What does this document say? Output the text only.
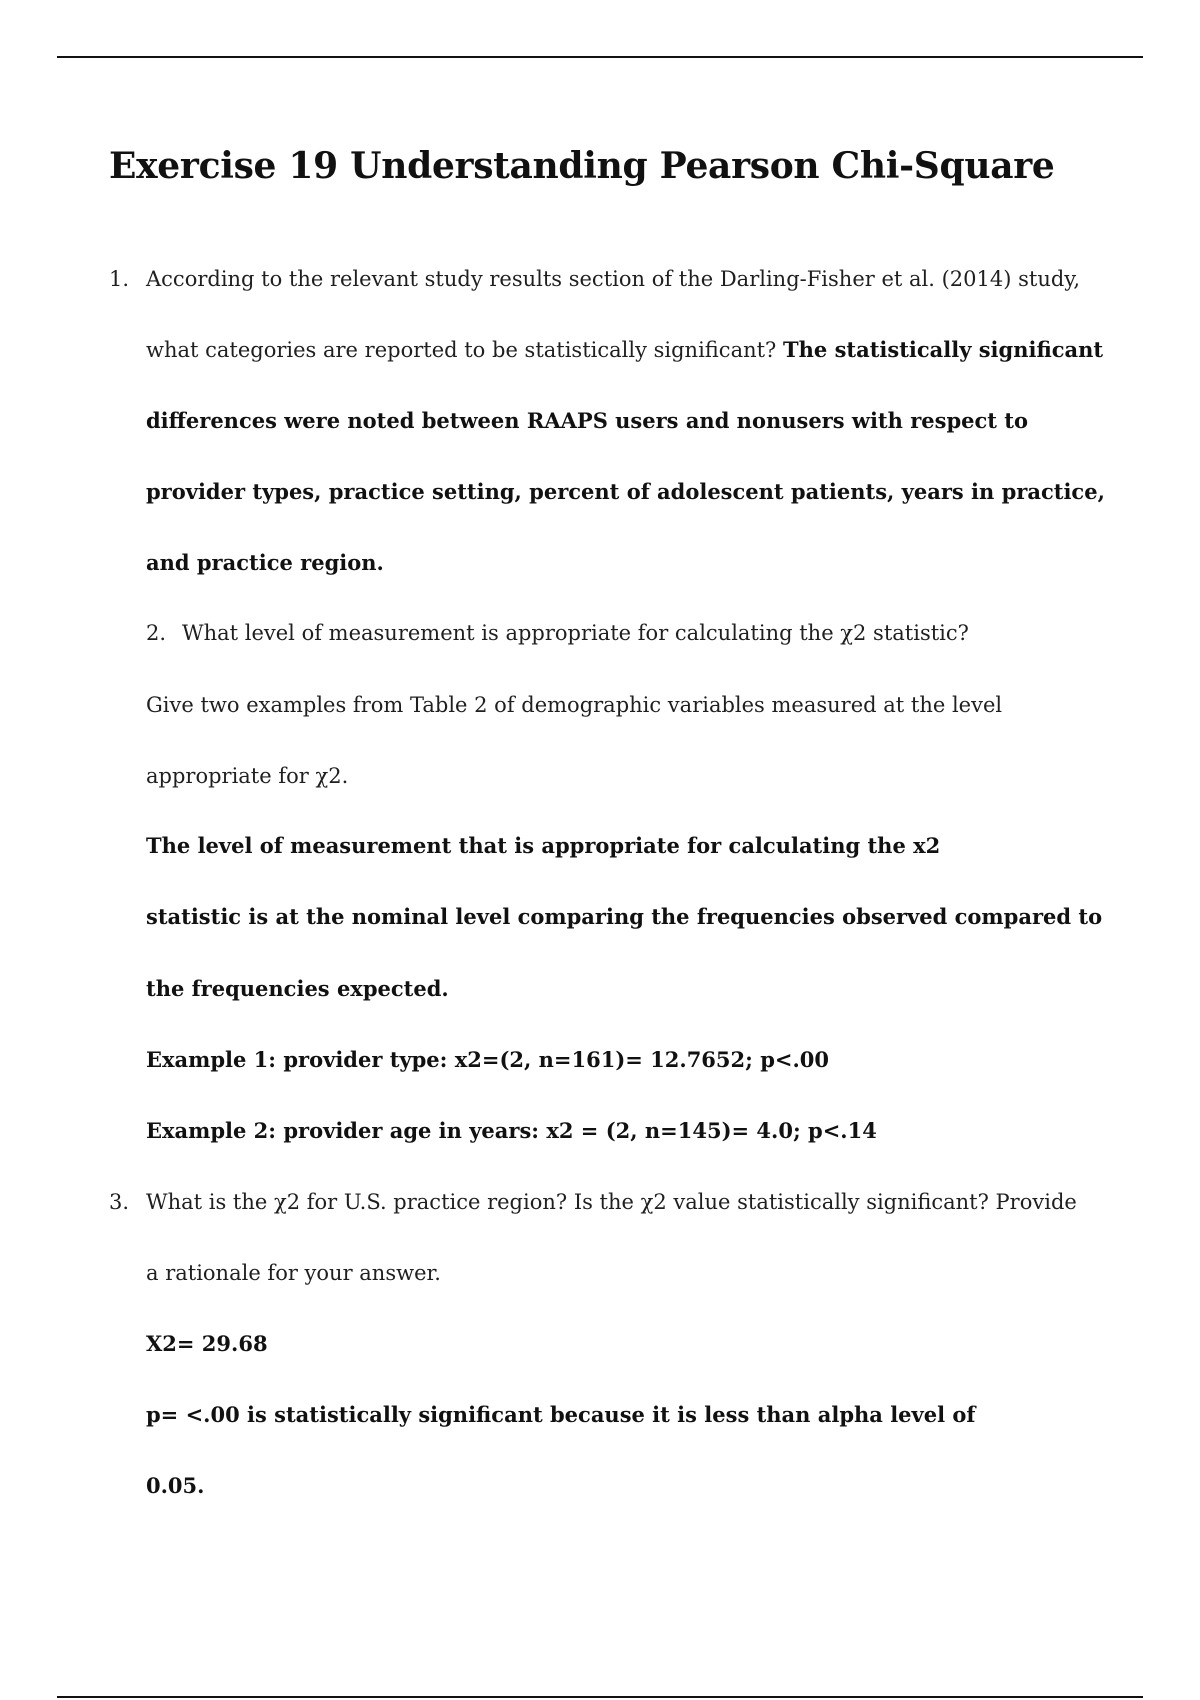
Exercise 19 Understanding Pearson Chi-Square
1. According to the relevant study results section of the Darling-Fisher et al. (2014) study,

what categories are reported to be statistically significant? The statistically significant

differences were noted between RAAPS users and nonusers with respect to

provider types, practice setting, percent of adolescent patients, years in practice,

and practice region.

2. What level of measurement is appropriate for calculating the χ2 statistic?

Give two examples from Table 2 of demographic variables measured at the level

appropriate for χ2.

The level of measurement that is appropriate for calculating the x2

statistic is at the nominal level comparing the frequencies observed compared to

the frequencies expected.

Example 1: provider type: x2=(2, n=161)= 12.7652; p<.00

Example 2: provider age in years: x2 = (2, n=145)= 4.0; p<.14

3. What is the χ2 for U.S. practice region? Is the χ2 value statistically significant? Provide

a rationale for your answer.

X2= 29.68

p= <.00 is statistically significant because it is less than alpha level of

0.05.
